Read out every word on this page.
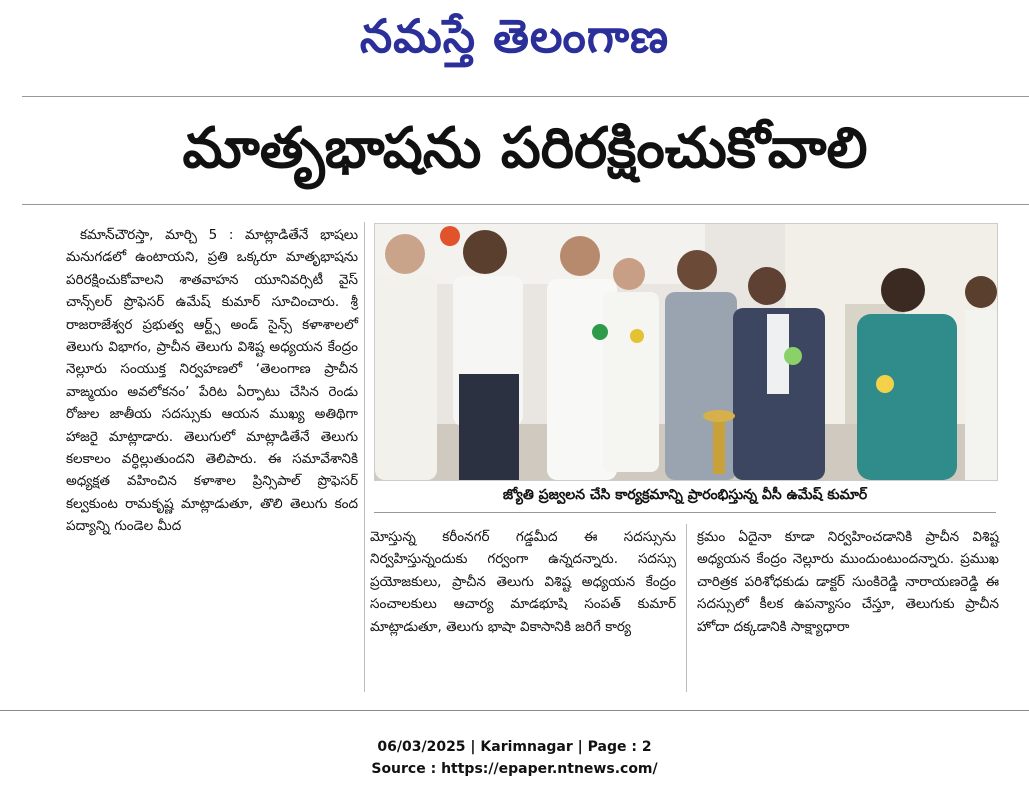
నమస్తే తెలంగాణ
మాతృభాషను పరిరక్షించుకోవాలి

కమాన్‌చౌరస్తా, మార్చి 5 : మాట్లాడితేనే భాషలు మనుగడలో ఉంటాయని, ప్రతి ఒక్కరూ మాతృభాషను పరిరక్షించుకోవాలని శాతవాహన యూనివర్సిటీ వైస్ చాన్స్‌లర్ ప్రొఫెసర్ ఉమేష్ కుమార్ సూచించారు. శ్రీ రాజరాజేశ్వర ప్రభుత్వ ఆర్ట్స్ అండ్ సైన్స్ కళాశాలలో తెలుగు విభాగం, ప్రాచీన తెలుగు విశిష్ట అధ్యయన కేంద్రం నెల్లూరు సంయుక్త నిర్వహణలో ‘తెలంగాణ ప్రాచీన వాఙ్మయం అవలోకనం’ పేరిట ఏర్పాటు చేసిన రెండు రోజుల జాతీయ సదస్సుకు ఆయన ముఖ్య అతిథిగా హాజరై మాట్లాడారు. తెలుగులో మాట్లాడితేనే తెలుగు కలకాలం వర్ధిల్లుతుందని తెలిపారు. ఈ సమావేశానికి అధ్యక్షత వహించిన కళాశాల ప్రిన్సిపాల్ ప్రొఫెసర్ కల్వకుంట రామకృష్ణ మాట్లాడుతూ, తొలి తెలుగు కంద పద్యాన్ని గుండెల మీద

జ్యోతి ప్రజ్వలన చేసి కార్యక్రమాన్ని ప్రారంభిస్తున్న వీసీ ఉమేష్ కుమార్

మోస్తున్న కరీంనగర్ గడ్డమీద ఈ సదస్సును నిర్వహిస్తున్నందుకు గర్వంగా ఉన్నదన్నారు. సదస్సు ప్రయోజకులు, ప్రాచీన తెలుగు విశిష్ట అధ్యయన కేంద్రం సంచాలకులు ఆచార్య మాడభూషి సంపత్ కుమార్ మాట్లాడుతూ, తెలుగు భాషా వికాసానికి జరిగే కార్య

క్రమం ఏదైనా కూడా నిర్వహించడానికి ప్రాచీన విశిష్ట అధ్యయన కేంద్రం నెల్లూరు ముందుంటుందన్నారు. ప్రముఖ చారిత్రక పరిశోధకుడు డాక్టర్ సుంకిరెడ్డి నారాయణరెడ్డి ఈ సదస్సులో కీలక ఉపన్యాసం చేస్తూ, తెలుగుకు ప్రాచీన హోదా దక్కడానికి సాక్ష్యాధారా

06/03/2025 | Karimnagar | Page : 2
Source : https://epaper.ntnews.com/
